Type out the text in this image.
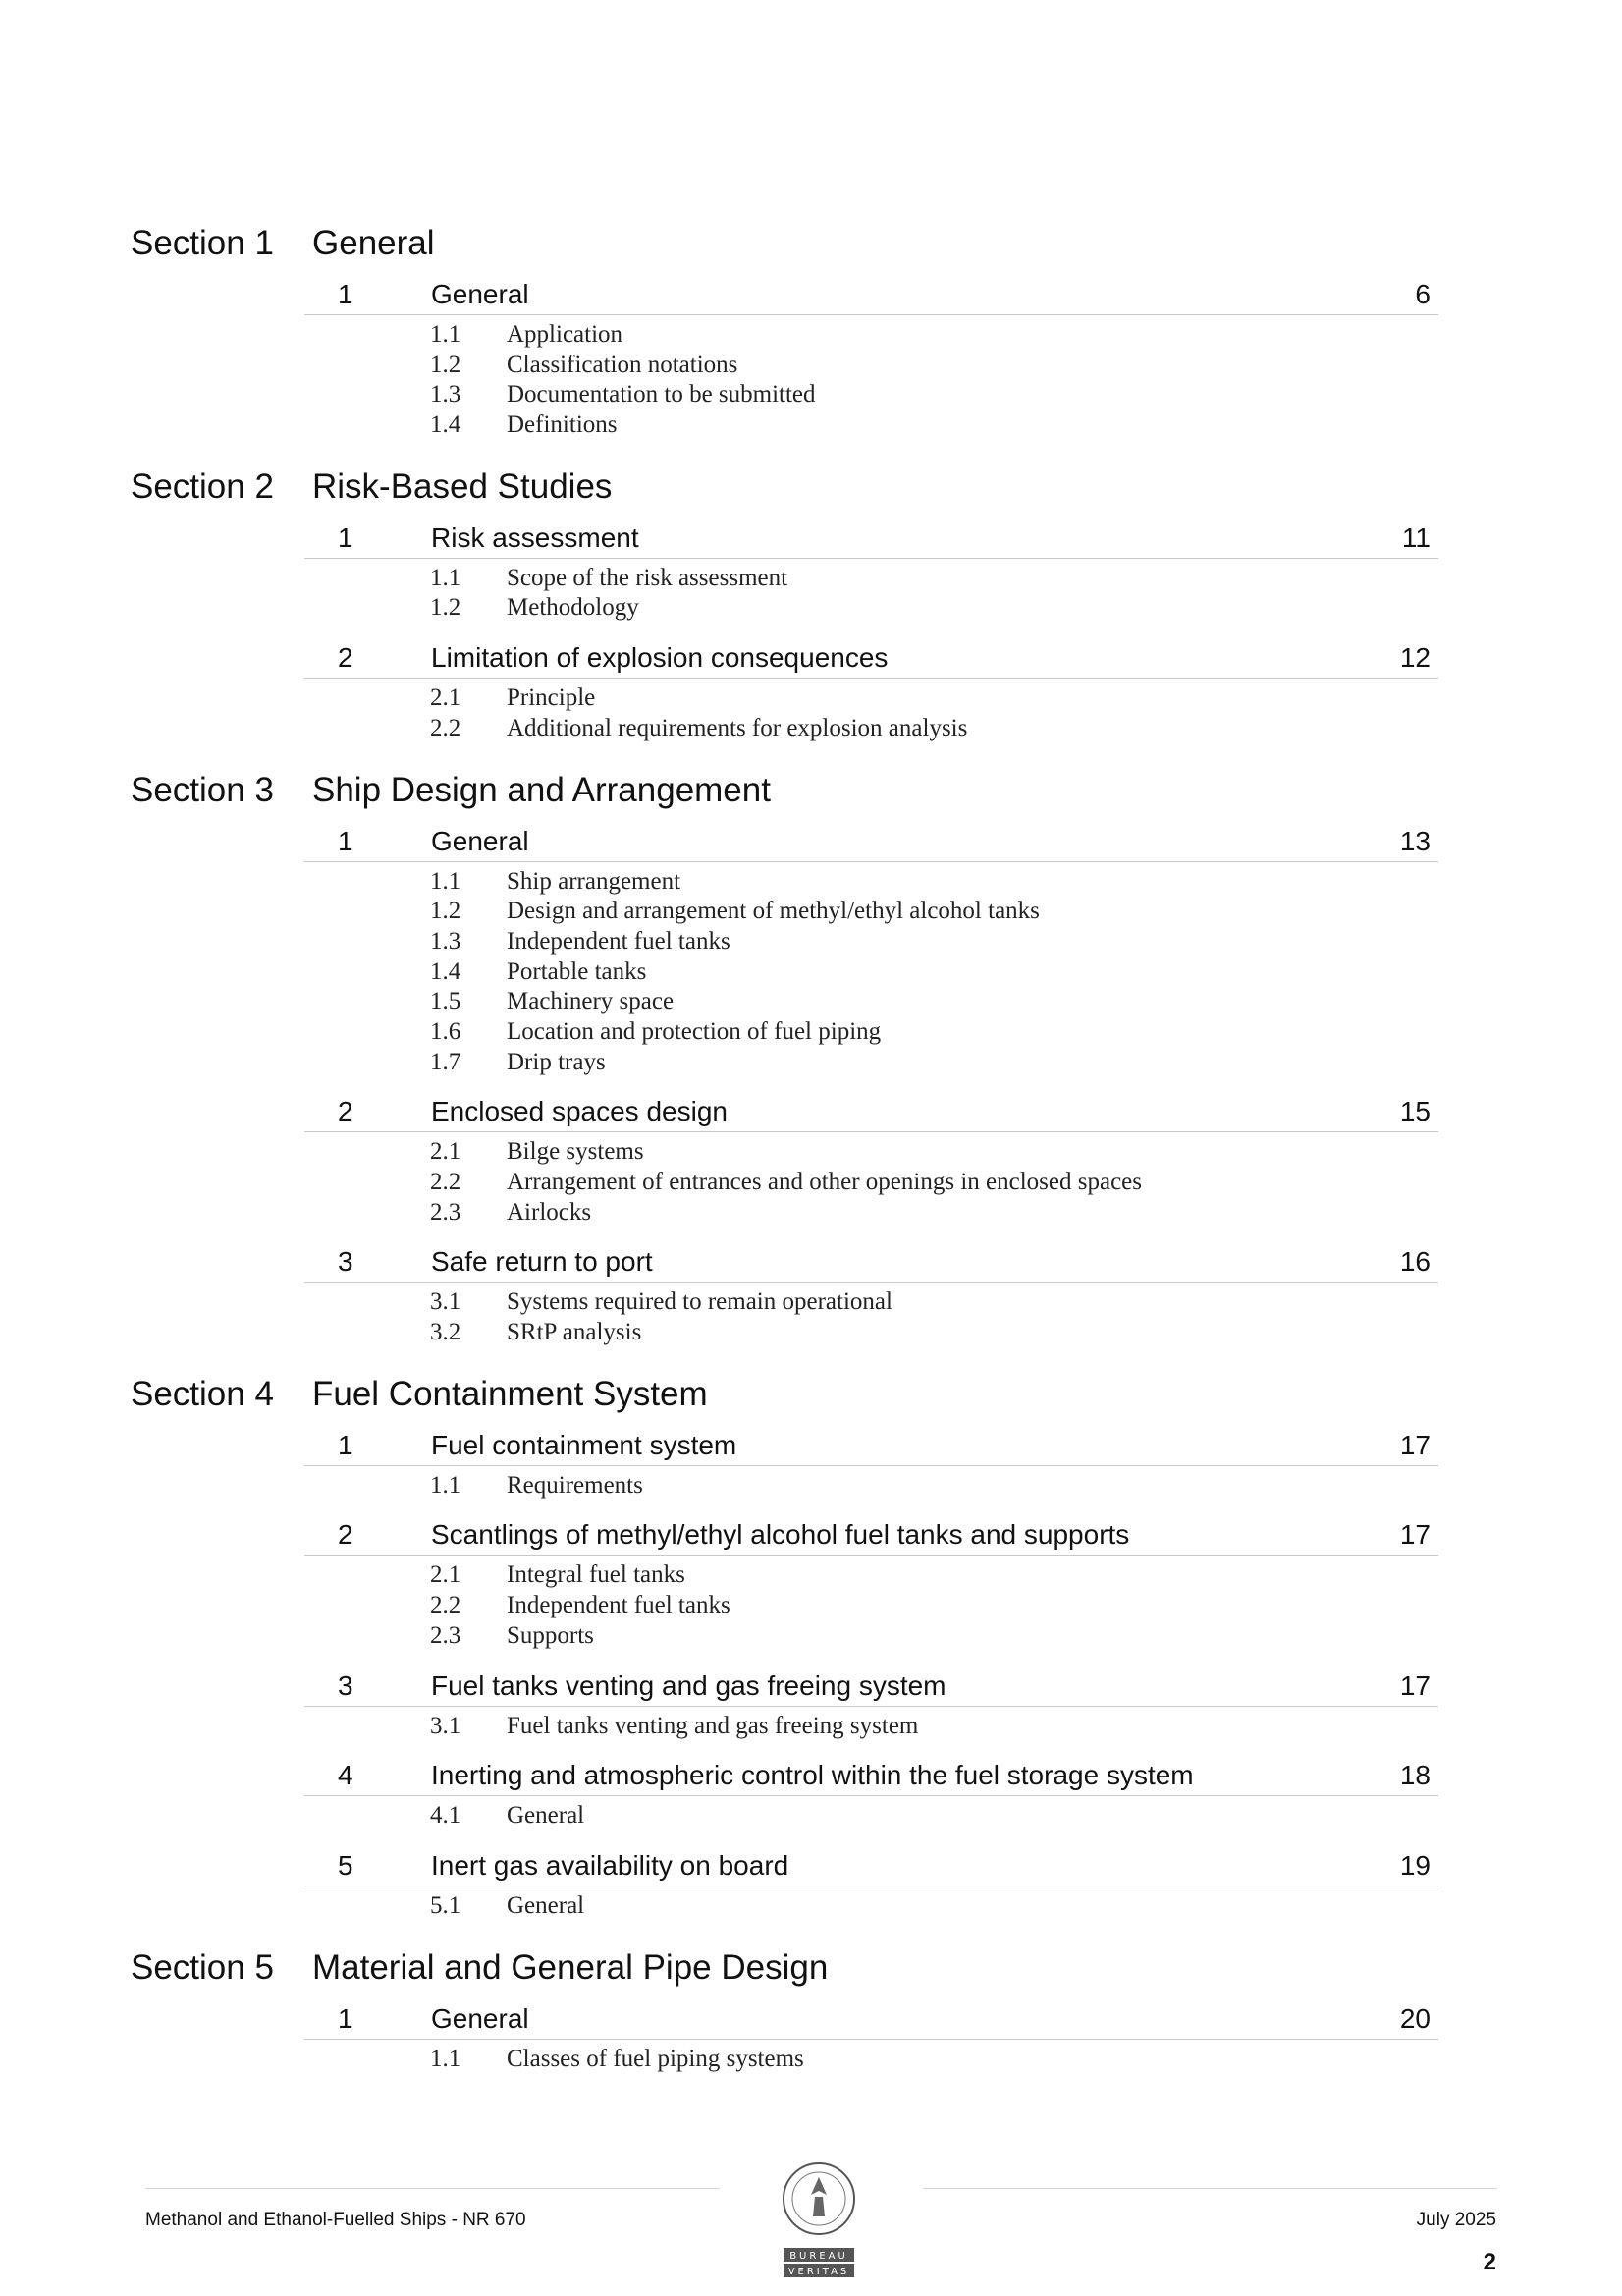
Section 1 General
1	General	6
1.1 Application
1.2 Classification notations
1.3 Documentation to be submitted
1.4 Definitions
Section 2 Risk-Based Studies
1	Risk assessment	11
1.1 Scope of the risk assessment
1.2 Methodology
2	Limitation of explosion consequences	12
2.1 Principle
2.2 Additional requirements for explosion analysis
Section 3 Ship Design and Arrangement
1	General	13
1.1 Ship arrangement
1.2 Design and arrangement of methyl/ethyl alcohol tanks
1.3 Independent fuel tanks
1.4 Portable tanks
1.5 Machinery space
1.6 Location and protection of fuel piping
1.7 Drip trays
2	Enclosed spaces design	15
2.1 Bilge systems
2.2 Arrangement of entrances and other openings in enclosed spaces
2.3 Airlocks
3	Safe return to port	16
3.1 Systems required to remain operational
3.2 SRtP analysis
Section 4 Fuel Containment System
1	Fuel containment system	17
1.1 Requirements
2	Scantlings of methyl/ethyl alcohol fuel tanks and supports	17
2.1 Integral fuel tanks
2.2 Independent fuel tanks
2.3 Supports
3	Fuel tanks venting and gas freeing system	17
3.1 Fuel tanks venting and gas freeing system
4	Inerting and atmospheric control within the fuel storage system	18
4.1 General
5	Inert gas availability on board	19
5.1 General
Section 5 Material and General Pipe Design
1	General	20
1.1 Classes of fuel piping systems
BUREAU
VERITAS
Methanol and Ethanol-Fuelled Ships - NR 670	July 2025
2
